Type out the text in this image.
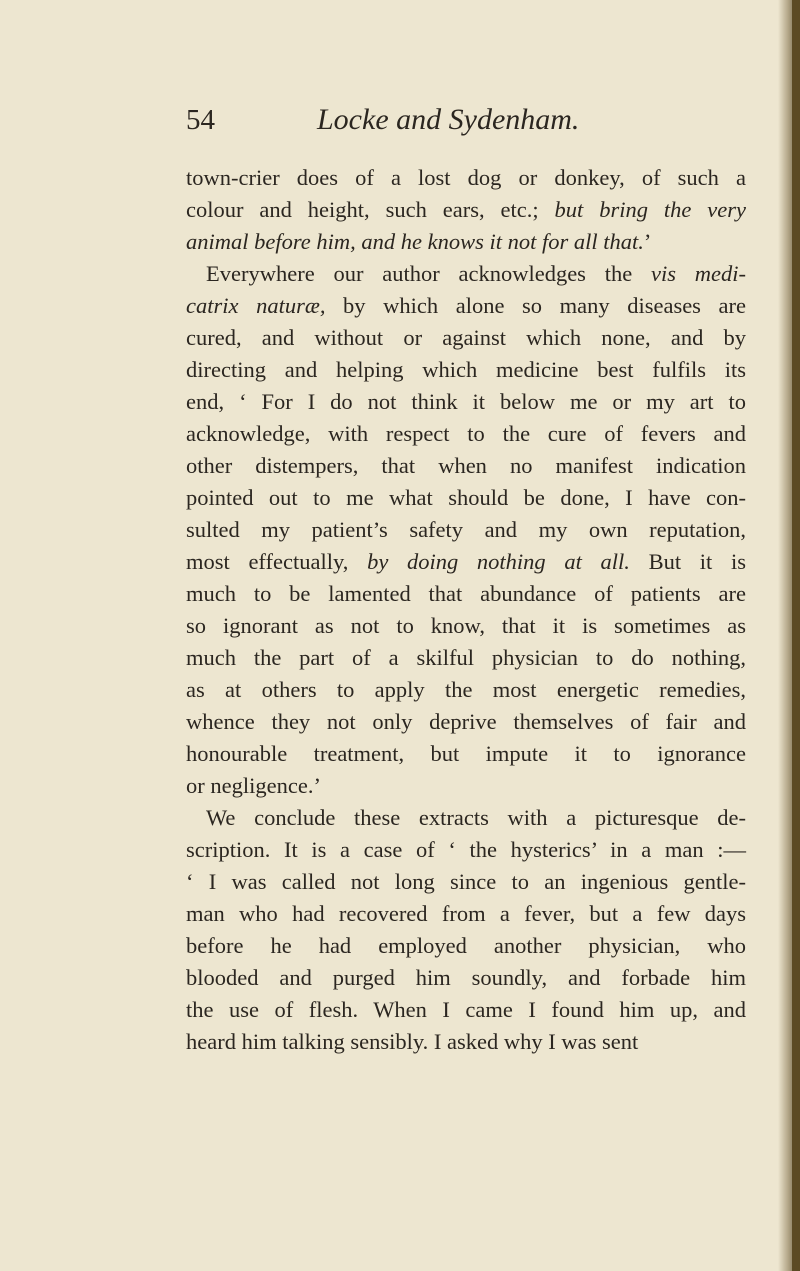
54	Locke and Sydenham.
town-crier does of a lost dog or donkey, of such a
colour and height, such ears, etc.; but bring the very
animal before him, and he knows it not for all that.’
Everywhere our author acknowledges the vis medi-
catrix naturæ, by which alone so many diseases are
cured, and without or against which none, and by
directing and helping which medicine best fulfils its
end, ‘ For I do not think it below me or my art to
acknowledge, with respect to the cure of fevers and
other distempers, that when no manifest indication
pointed out to me what should be done, I have con-
sulted my patient’s safety and my own reputation,
most effectually, by doing nothing at all. But it is
much to be lamented that abundance of patients are
so ignorant as not to know, that it is sometimes as
much the part of a skilful physician to do nothing,
as at others to apply the most energetic remedies,
whence they not only deprive themselves of fair and
honourable treatment, but impute it to ignorance
or negligence.’
We conclude these extracts with a picturesque de-
scription. It is a case of ‘ the hysterics’ in a man :—
‘ I was called not long since to an ingenious gentle-
man who had recovered from a fever, but a few days
before he had employed another physician, who
blooded and purged him soundly, and forbade him
the use of flesh. When I came I found him up, and
heard him talking sensibly. I asked why I was sent
